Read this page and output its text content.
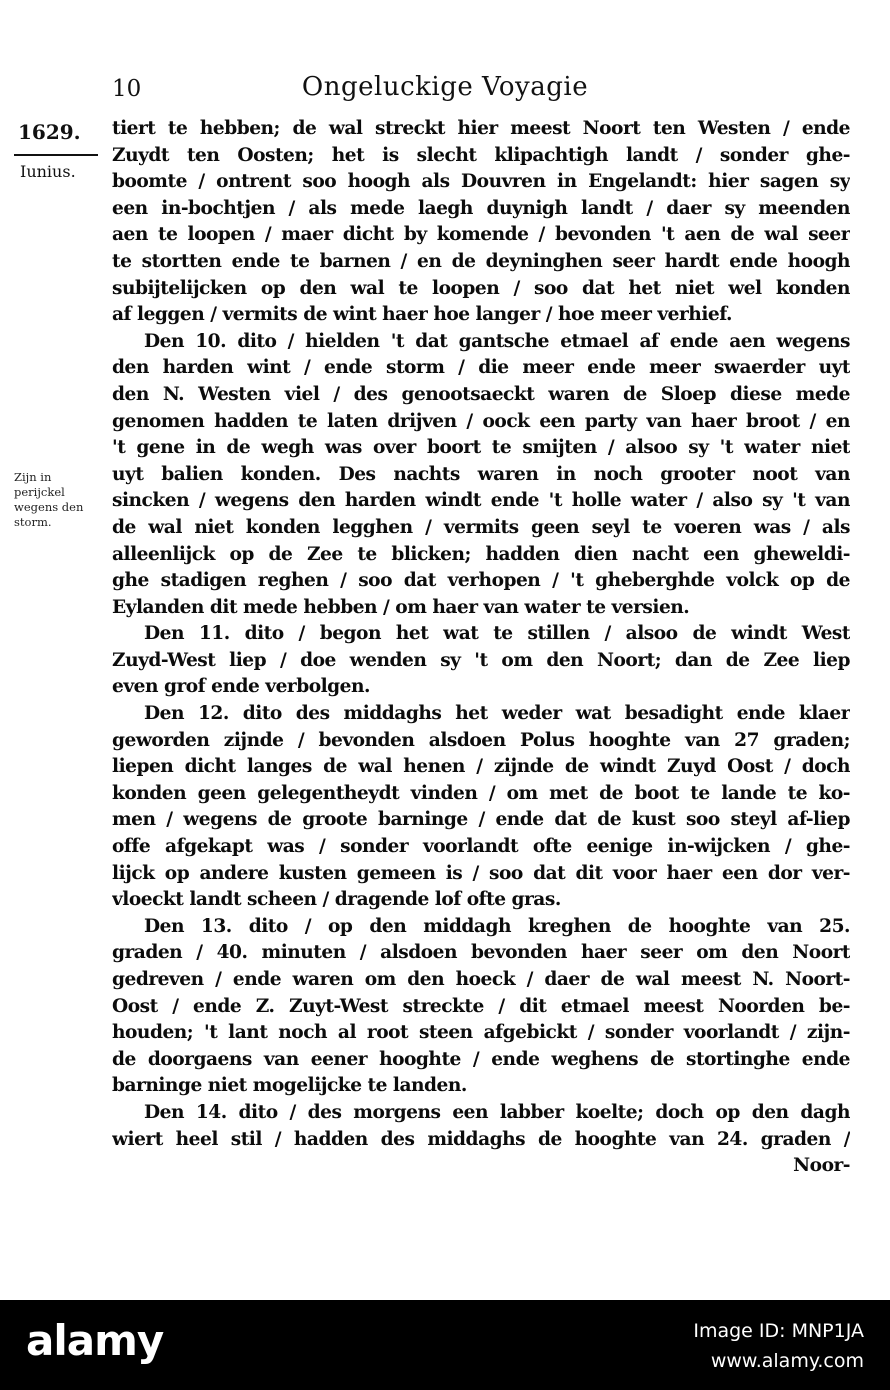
10	Ongeluckige Voyagie
1629.
Iunius.
Zijn in perijckel wegens den storm.
tiert te hebben; de wal streckt hier meest Noort ten Westen / ende
Zuydt ten Oosten; het is slecht klipachtigh landt / sonder ghe-
boomte / ontrent soo hoogh als Douvren in Engelandt: hier sagen sy
een in-bochtjen / als mede laegh duynigh landt / daer sy meenden
aen te loopen / maer dicht by komende / bevonden 't aen de wal seer
te stortten ende te barnen / en de deyninghen seer hardt ende hoogh
subijtelijcken op den wal te loopen / soo dat het niet wel konden
af leggen / vermits de wint haer hoe langer / hoe meer verhief.
Den 10. dito / hielden 't dat gantsche etmael af ende aen wegens
den harden wint / ende storm / die meer ende meer swaerder uyt
den N. Westen viel / des genootsaeckt waren de Sloep diese mede
genomen hadden te laten drijven / oock een party van haer broot / en
't gene in de wegh was over boort te smijten / alsoo sy 't water niet
uyt balien konden. Des nachts waren in noch grooter noot van
sincken / wegens den harden windt ende 't holle water / also sy 't van
de wal niet konden legghen / vermits geen seyl te voeren was / als
alleenlijck op de Zee te blicken; hadden dien nacht een gheweldi-
ghe stadigen reghen / soo dat verhopen / 't gheberghde volck op de
Eylanden dit mede hebben / om haer van water te versien.
Den 11. dito / begon het wat te stillen / alsoo de windt West
Zuyd-West liep / doe wenden sy 't om den Noort; dan de Zee liep
even grof ende verbolgen.
Den 12. dito des middaghs het weder wat besadight ende klaer
geworden zijnde / bevonden alsdoen Polus hooghte van 27 graden;
liepen dicht langes de wal henen / zijnde de windt Zuyd Oost / doch
konden geen gelegentheydt vinden / om met de boot te lande te ko-
men / wegens de groote barninge / ende dat de kust soo steyl af-liep
offe afgekapt was / sonder voorlandt ofte eenige in-wijcken / ghe-
lijck op andere kusten gemeen is / soo dat dit voor haer een dor ver-
vloeckt landt scheen / dragende lof ofte gras.
Den 13. dito / op den middagh kreghen de hooghte van 25.
graden / 40. minuten / alsdoen bevonden haer seer om den Noort
gedreven / ende waren om den hoeck / daer de wal meest N. Noort-
Oost / ende Z. Zuyt-West streckte / dit etmael meest Noorden be-
houden; 't lant noch al root steen afgebickt / sonder voorlandt / zijn-
de doorgaens van eener hooghte / ende weghens de stortinghe ende
barninge niet mogelijcke te landen.
Den 14. dito / des morgens een labber koelte; doch op den dagh
wiert heel stil / hadden des middaghs de hooghte van 24. graden /
Noor-
alamy	Image ID: MNP1JA
www.alamy.com
